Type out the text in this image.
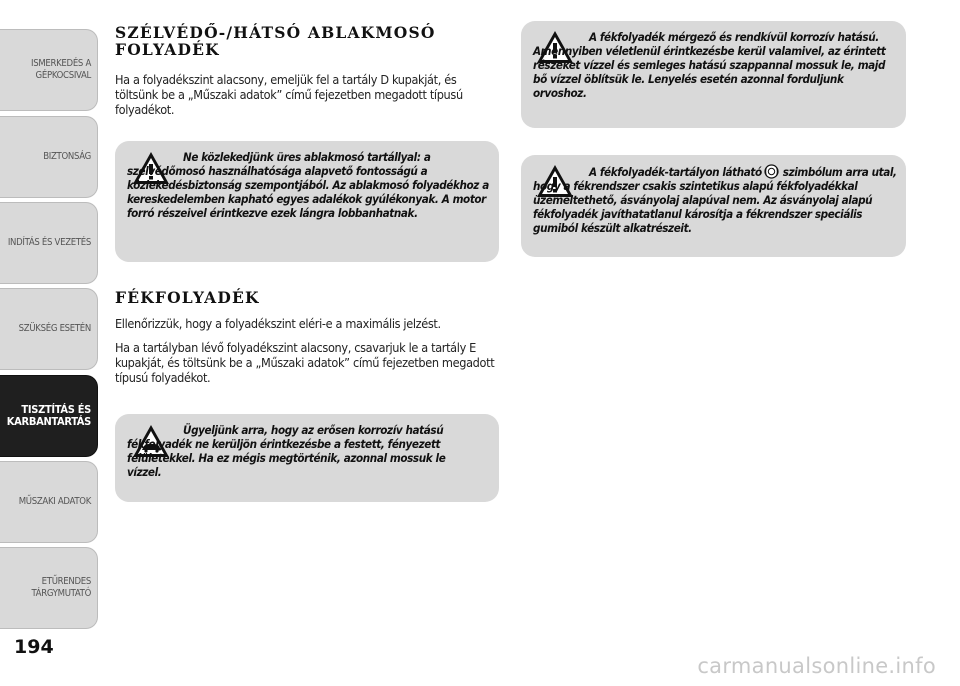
ISMERKEDÉS A
GÉPKOCSIVAL
BIZTONSÁG
INDÍTÁS ÉS VEZETÉS
SZÜKSÉG ESETÉN
TISZTÍTÁS ÉS
KARBANTARTÁS
MŰSZAKI ADATOK
ETŰRENDES
TÁRGYMUTATÓ
194
SZÉLVÉDŐ-/HÁTSÓ ABLAKMOSÓ
FOLYADÉK

Ha a folyadékszint alacsony, emeljük fel a tartály D kupakját, és töltsünk be a „Műszaki adatok” című fejezetben megadott típusú folyadékot.

Ne közlekedjünk üres ablakmosó tartállyal: a szélvédőmosó használhatósága alapvető fontosságú a közlekedésbiztonság szempontjából. Az ablakmosó folyadékhoz a kereskedelemben kapható egyes adalékok gyúlékonyak. A motor forró részeivel érintkezve ezek lángra lobbanhatnak.

FÉKFOLYADÉK

Ellenőrizzük, hogy a folyadékszint eléri-e a maximális jelzést.

Ha a tartályban lévő folyadékszint alacsony, csavarjuk le a tartály E kupakját, és töltsünk be a „Műszaki adatok” című fejezetben megadott típusú folyadékot.

Ügyeljünk arra, hogy az erősen korrozív hatású fékfolyadék ne kerüljön érintkezésbe a festett, fényezett felületekkel. Ha ez mégis megtörténik, azonnal mossuk le vízzel.

A fékfolyadék mérgező és rendkívül korrozív hatású. Amennyiben véletlenül érintkezésbe kerül valamivel, az érintett részeket vízzel és semleges hatású szappannal mossuk le, majd bő vízzel öblítsük le. Lenyelés esetén azonnal forduljunk orvoshoz.

A fékfolyadék-tartályon látható szimbólum arra utal, hogy a fékrendszer csakis szintetikus alapú fékfolyadékkal üzemeltethető, ásványolaj alapúval nem. Az ásványolaj alapú fékfolyadék javíthatatlanul károsítja a fékrendszer speciális gumiból készült alkatrészeit.

carmanualsonline.info
